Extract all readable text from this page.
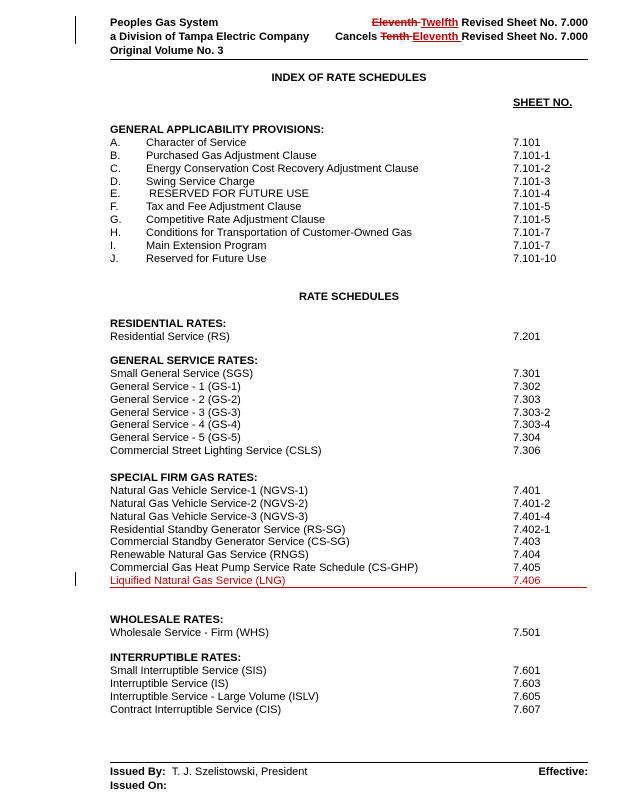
Peoples Gas System
a Division of Tampa Electric Company
Original Volume No. 3
Eleventh Twelfth Revised Sheet No. 7.000
Cancels Tenth Eleventh Revised Sheet No. 7.000
INDEX OF RATE SCHEDULES
SHEET NO.
GENERAL APPLICABILITY PROVISIONS:
A. Character of Service	7.101
B. Purchased Gas Adjustment Clause	7.101-1
C. Energy Conservation Cost Recovery Adjustment Clause	7.101-2
D. Swing Service Charge	7.101-3
E. RESERVED FOR FUTURE USE	7.101-4
F. Tax and Fee Adjustment Clause	7.101-5
G. Competitive Rate Adjustment Clause	7.101-5
H. Conditions for Transportation of Customer-Owned Gas	7.101-7
I.	Main Extension Program	7.101-7
J. Reserved for Future Use	7.101-10
RATE SCHEDULES
RESIDENTIAL RATES:
Residential Service (RS)	7.201
GENERAL SERVICE RATES:
Small General Service (SGS)	7.301
General Service - 1 (GS-1)	7.302
General Service - 2 (GS-2)	7.303
General Service - 3 (GS-3)	7.303-2
General Service - 4 (GS-4)	7.303-4
General Service - 5 (GS-5)	7.304
Commercial Street Lighting Service (CSLS)	7.306
SPECIAL FIRM GAS RATES:
Natural Gas Vehicle Service-1 (NGVS-1)	7.401
Natural Gas Vehicle Service-2 (NGVS-2)	7.401-2
Natural Gas Vehicle Service-3 (NGVS-3)	7.401-4
Residential Standby Generator Service (RS-SG)	7.402-1
Commercial Standby Generator Service (CS-SG)	7.403
Renewable Natural Gas Service (RNGS)	7.404
Commercial Gas Heat Pump Service Rate Schedule (CS-GHP)	7.405
Liquified Natural Gas Service (LNG)	7.406
WHOLESALE RATES:
Wholesale Service - Firm (WHS)	7.501
INTERRUPTIBLE RATES:
Small Interruptible Service (SIS)	7.601
Interruptible Service (IS)	7.603
Interruptible Service - Large Volume (ISLV)	7.605
Contract Interruptible Service (CIS)	7.607
Issued By: T. J. Szelistowski, President	Effective:
Issued On:
